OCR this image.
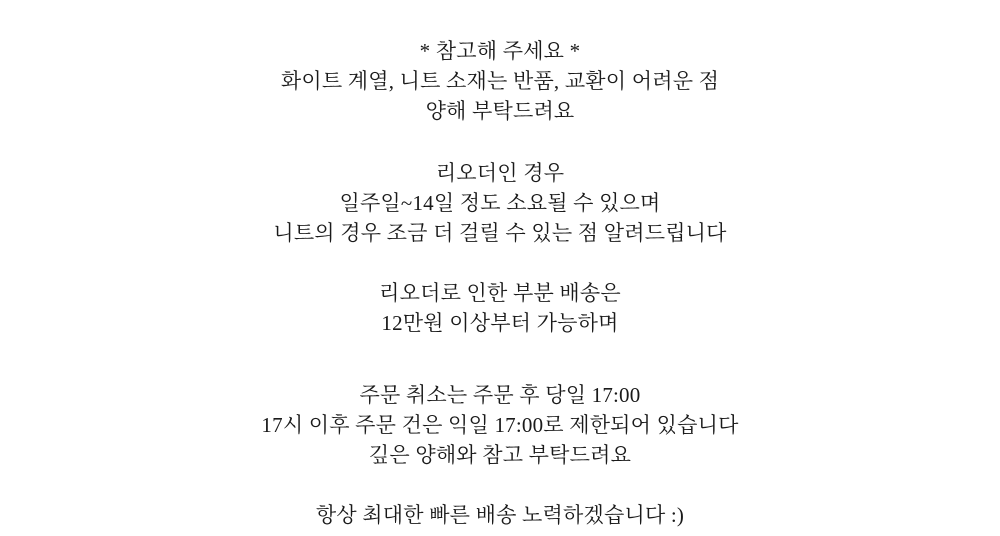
* 참고해 주세요 *
화이트 계열, 니트 소재는 반품, 교환이 어려운 점
양해 부탁드려요
리오더인 경우
일주일~14일 정도 소요될 수 있으며
니트의 경우 조금 더 걸릴 수 있는 점 알려드립니다
리오더로 인한 부분 배송은
12만원 이상부터 가능하며
주문 취소는 주문 후 당일 17:00
17시 이후 주문 건은 익일 17:00로 제한되어 있습니다
깊은 양해와 참고 부탁드려요
항상 최대한 빠른 배송 노력하겠습니다 :)
